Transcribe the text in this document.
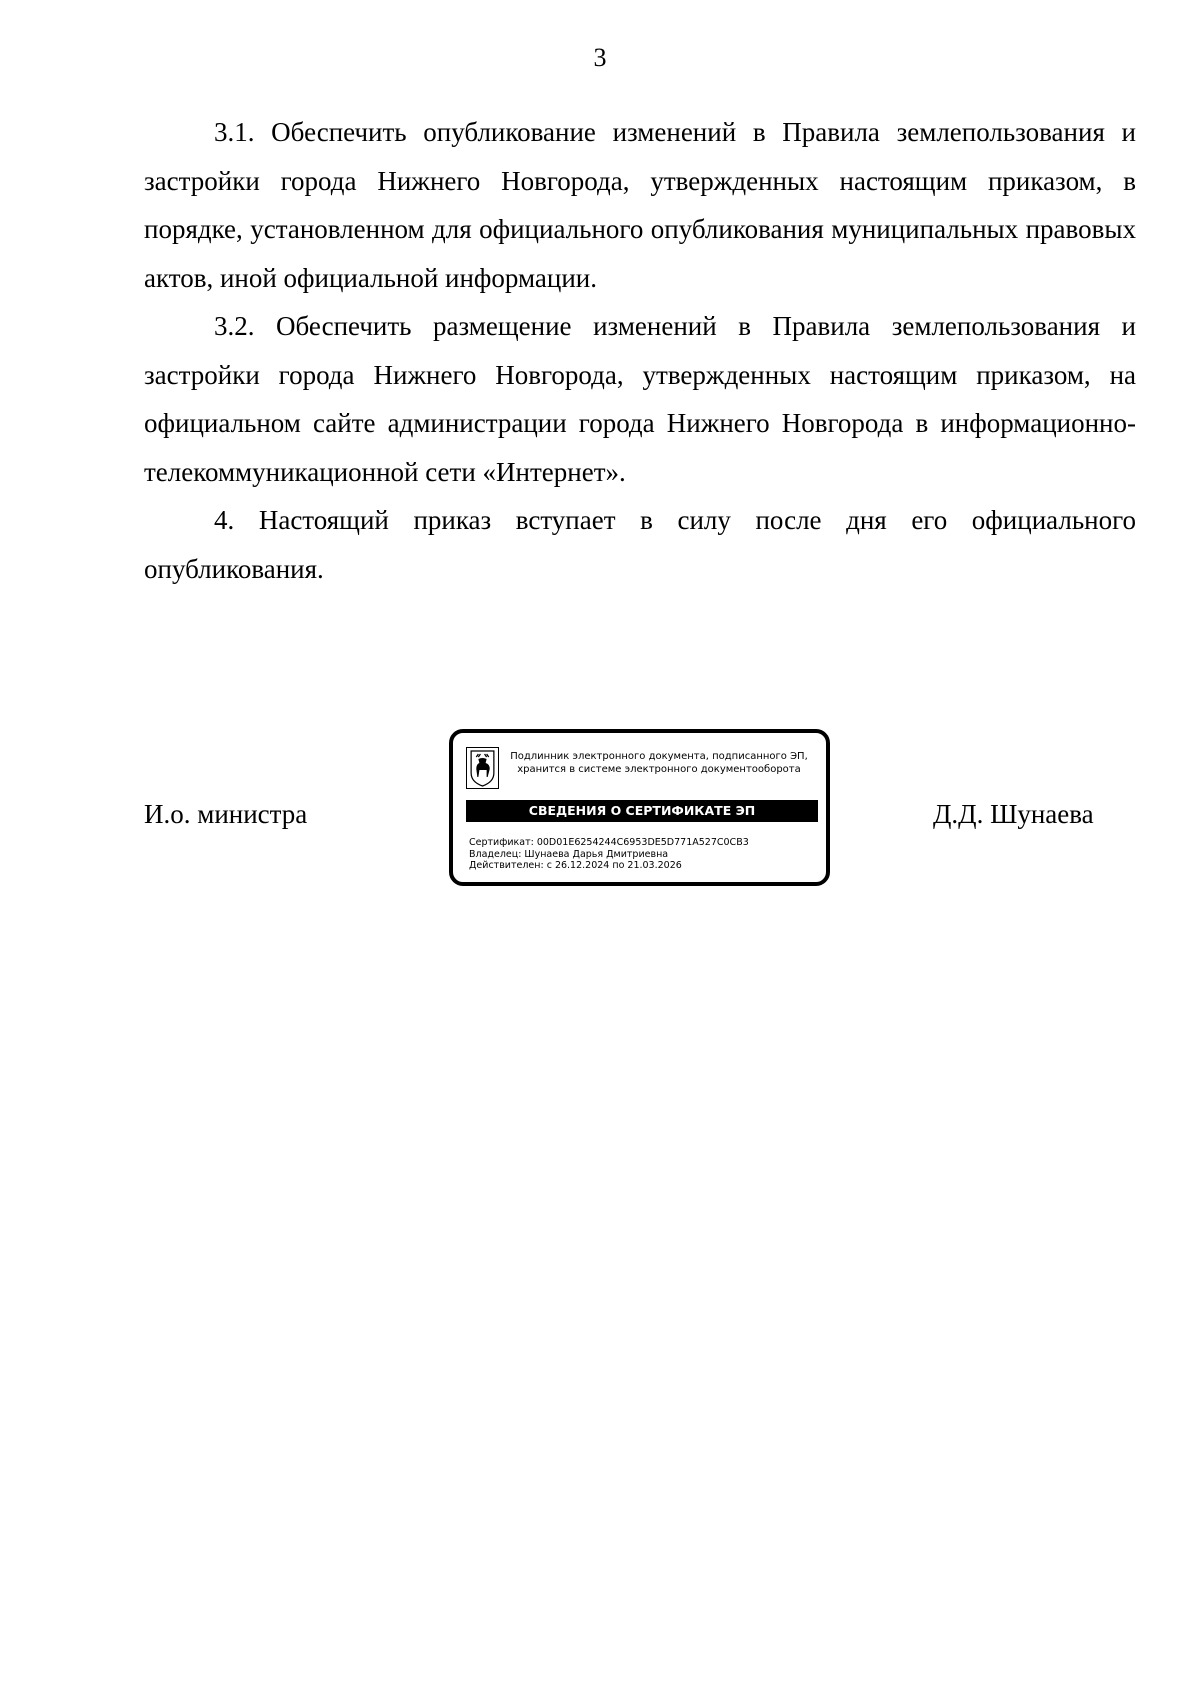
3

3.1. Обеспечить опубликование изменений в Правила землепользования и застройки города Нижнего Новгорода, утвержденных настоящим приказом, в порядке, установленном для официального опубликования муниципальных правовых актов, иной официальной информации.

3.2. Обеспечить размещение изменений в Правила землепользования и застройки города Нижнего Новгорода, утвержденных настоящим приказом, на официальном сайте администрации города Нижнего Новгорода в информационно-телекоммуникационной сети «Интернет».

4. Настоящий приказ вступает в силу после дня его официального опубликования.

И.о. министра	Д.Д. Шунаева
Подлинник электронного документа, подписанного ЭП,
хранится в системе электронного документооборота
СВЕДЕНИЯ О СЕРТИФИКАТЕ ЭП
Сертификат: 00D01E6254244C6953DE5D771A527C0CB3
Владелец: Шунаева Дарья Дмитриевна
Действителен: с 26.12.2024 по 21.03.2026
